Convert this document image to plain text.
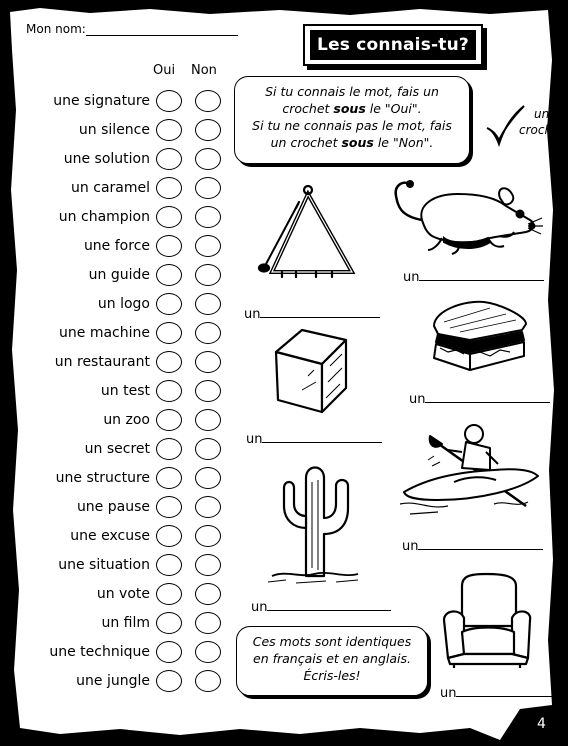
Mon nom:
Les connais-tu?
Oui Non
une signature
un silence
une solution
un caramel
un champion
une force
un guide
un logo
une machine
un restaurant
un test
un zoo
un secret
une structure
une pause
une excuse
une situation
un vote
un film
une technique
une jungle
Si tu connais le mot, fais un
crochet sous le "Oui".
Si tu ne connais pas le mot, fais
un crochet sous le "Non".
un
crochet
un
un
un
un
un
un
un
Ces mots sont identiques
en français et en anglais.
Écris-les!
4
